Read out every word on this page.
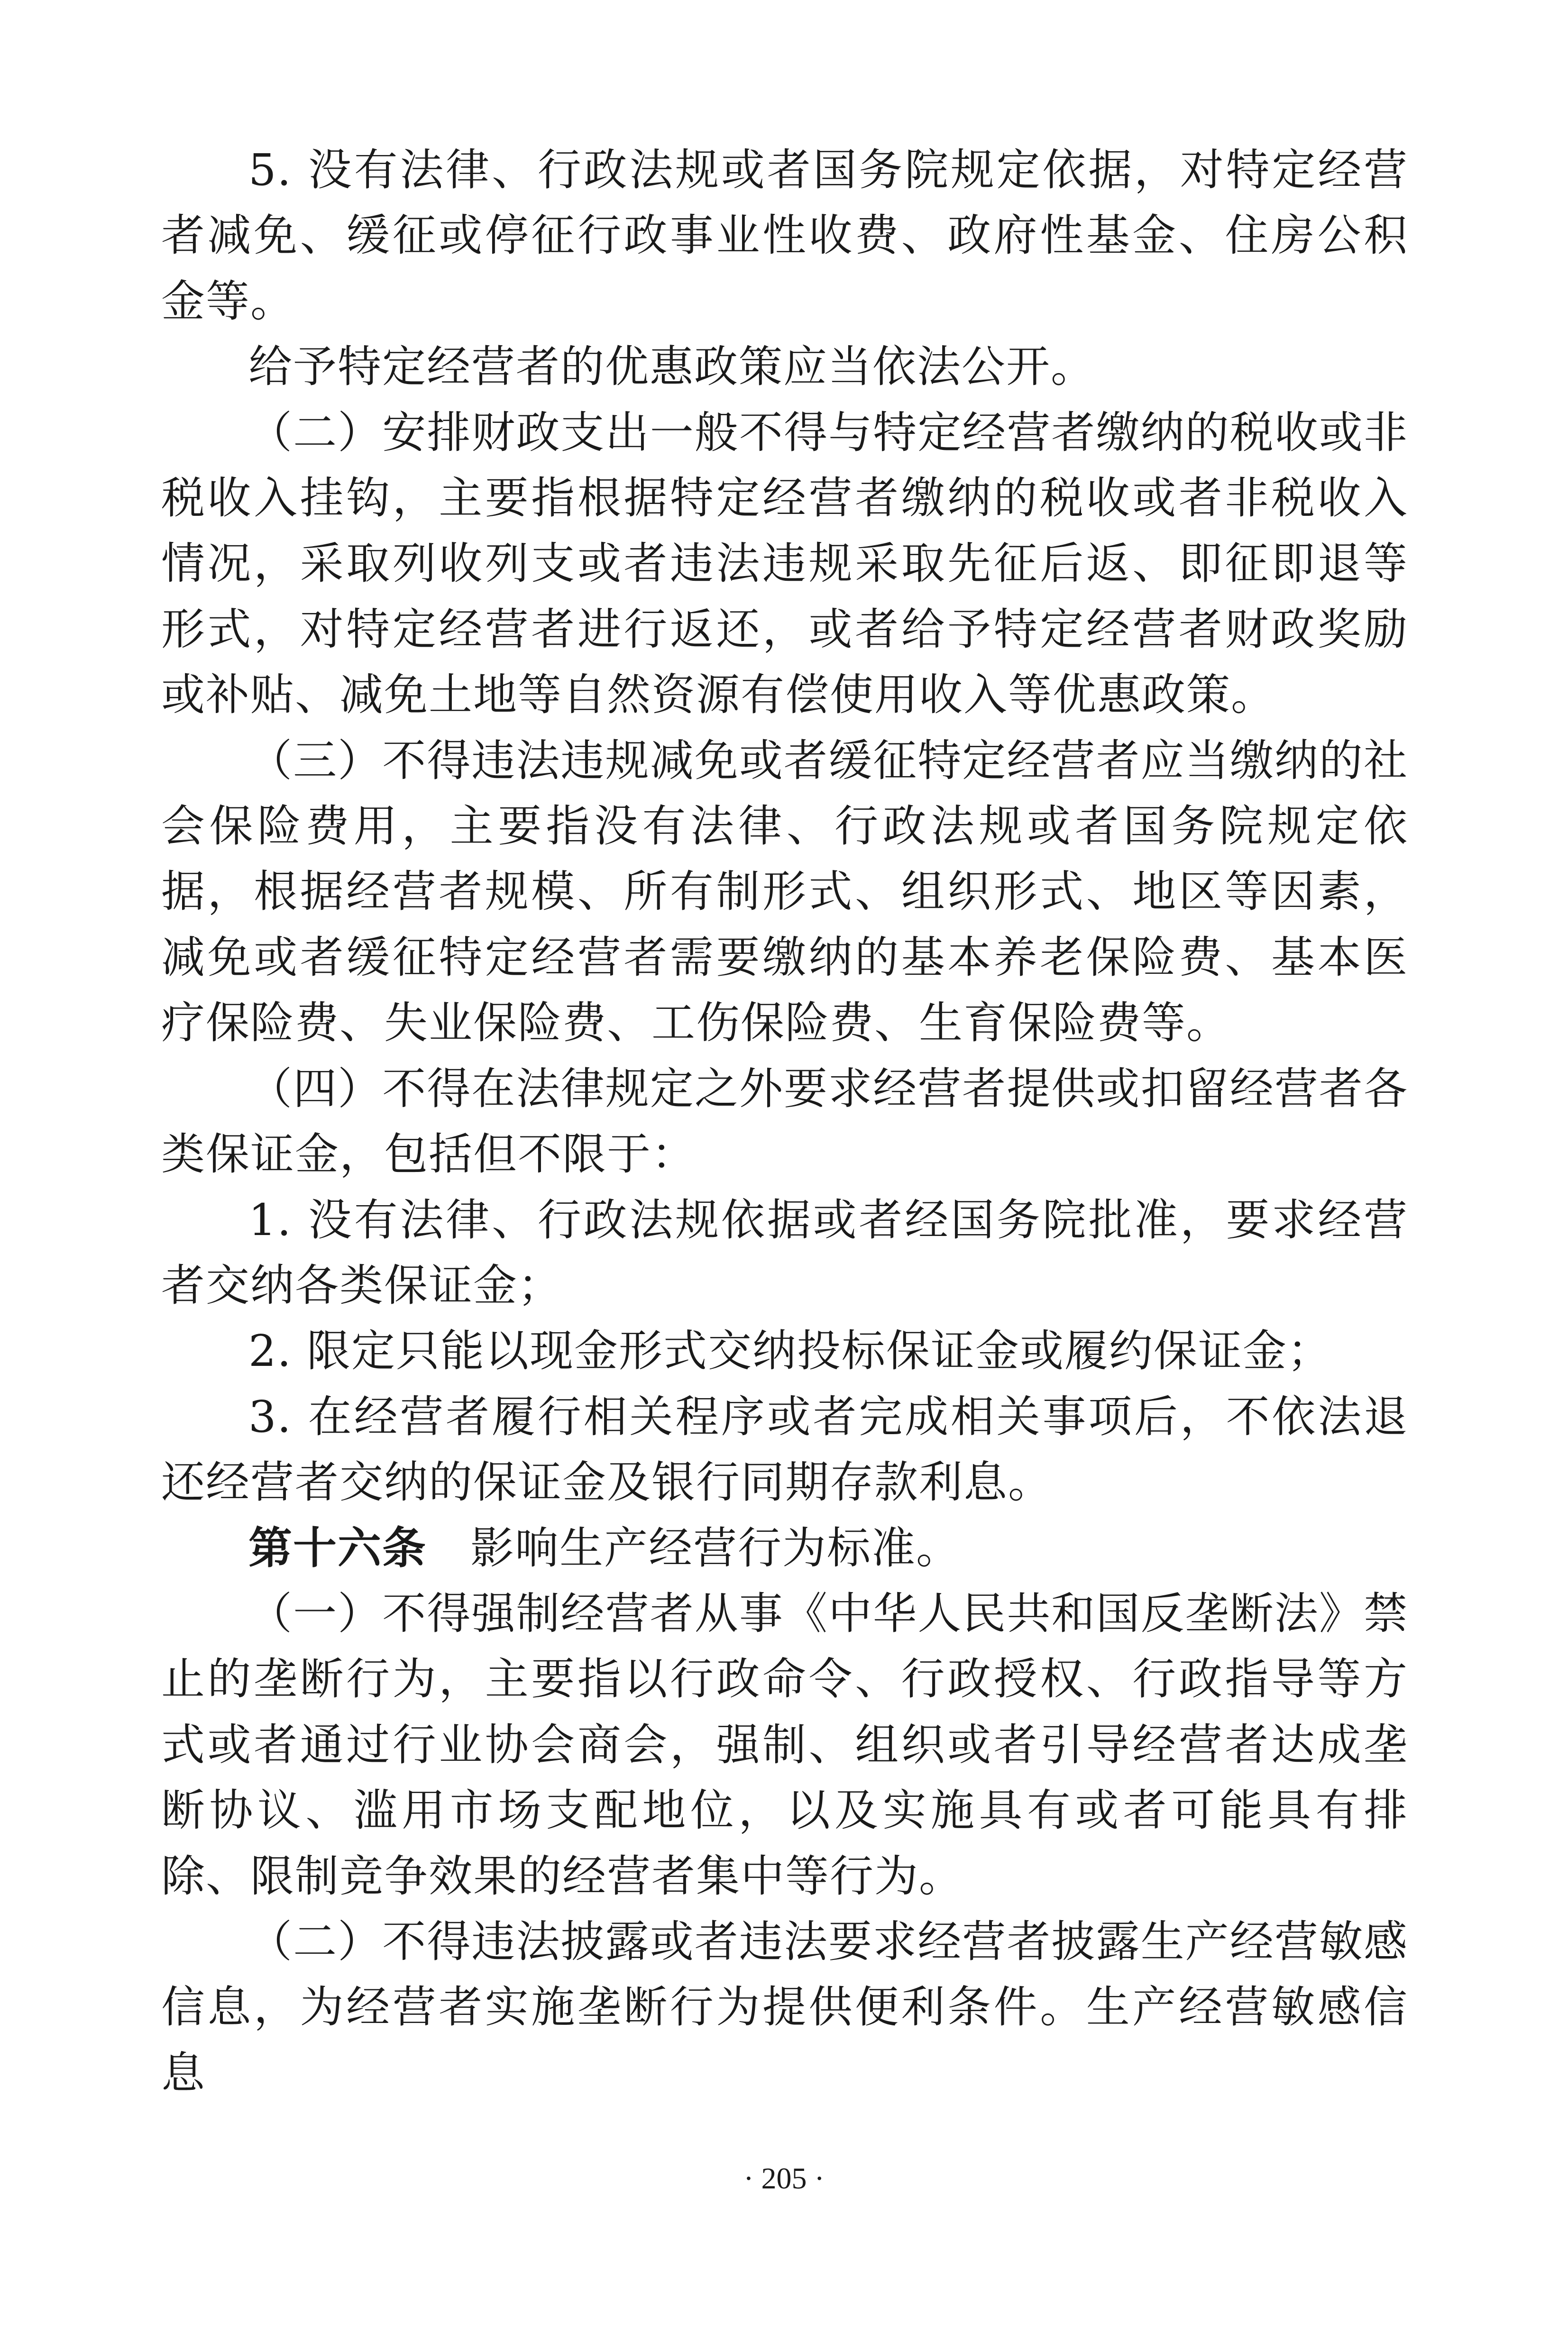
5. 没有法律、行政法规或者国务院规定依据，对特定经营者减免、缓征或停征行政事业性收费、政府性基金、住房公积金等。

给予特定经营者的优惠政策应当依法公开。

（二）安排财政支出一般不得与特定经营者缴纳的税收或非税收入挂钩，主要指根据特定经营者缴纳的税收或者非税收入情况，采取列收列支或者违法违规采取先征后返、即征即退等形式，对特定经营者进行返还，或者给予特定经营者财政奖励或补贴、减免土地等自然资源有偿使用收入等优惠政策。

（三）不得违法违规减免或者缓征特定经营者应当缴纳的社会保险费用，主要指没有法律、行政法规或者国务院规定依据，根据经营者规模、所有制形式、组织形式、地区等因素，减免或者缓征特定经营者需要缴纳的基本养老保险费、基本医疗保险费、失业保险费、工伤保险费、生育保险费等。

（四）不得在法律规定之外要求经营者提供或扣留经营者各类保证金，包括但不限于：

1. 没有法律、行政法规依据或者经国务院批准，要求经营者交纳各类保证金；

2. 限定只能以现金形式交纳投标保证金或履约保证金；

3. 在经营者履行相关程序或者完成相关事项后，不依法退还经营者交纳的保证金及银行同期存款利息。

第十六条 影响生产经营行为标准。

（一）不得强制经营者从事《中华人民共和国反垄断法》禁止的垄断行为，主要指以行政命令、行政授权、行政指导等方式或者通过行业协会商会，强制、组织或者引导经营者达成垄断协议、滥用市场支配地位，以及实施具有或者可能具有排除、限制竞争效果的经营者集中等行为。

（二）不得违法披露或者违法要求经营者披露生产经营敏感信息，为经营者实施垄断行为提供便利条件。生产经营敏感信息

· 205 ·
